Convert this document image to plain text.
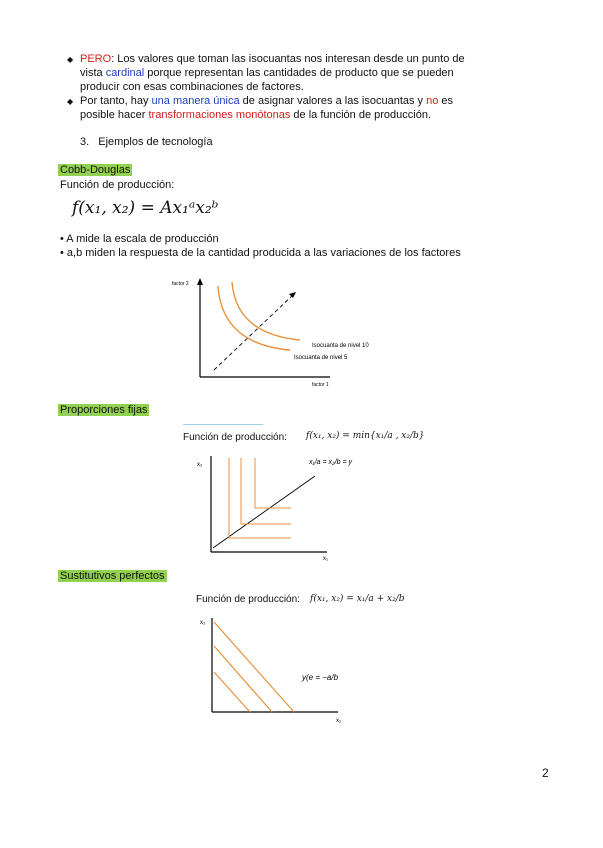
◆ PERO: Los valores que toman las isocuantas nos interesan desde un punto de
vista cardinal porque representan las cantidades de producto que se pueden
producir con esas combinaciones de factores.
◆ Por tanto, hay una manera única de asignar valores a las isocuantas y no es
posible hacer transformaciones monótonas de la función de producción.
3. Ejemplos de tecnología
Cobb-Douglas
Función de producción:
f(x₁, x₂) = Ax₁ᵃx₂ᵇ
• A mide la escala de producción
• a,b miden la respuesta de la cantidad producida a las variaciones de los factores
factor 2
factor 1
Isocuanta de nivel 10
Isocuanta de nivel 5
Proporciones fijas
Función de producción: f(x₁, x₂) = min{x₁/a , x₂/b}
x₂
x₁
x₁/a = x₂/b = y
Sustitutivos perfectos
Función de producción: f(x₁, x₂) = x₁/a + x₂/b
x₂
x₁
y(e = −a/b
2
